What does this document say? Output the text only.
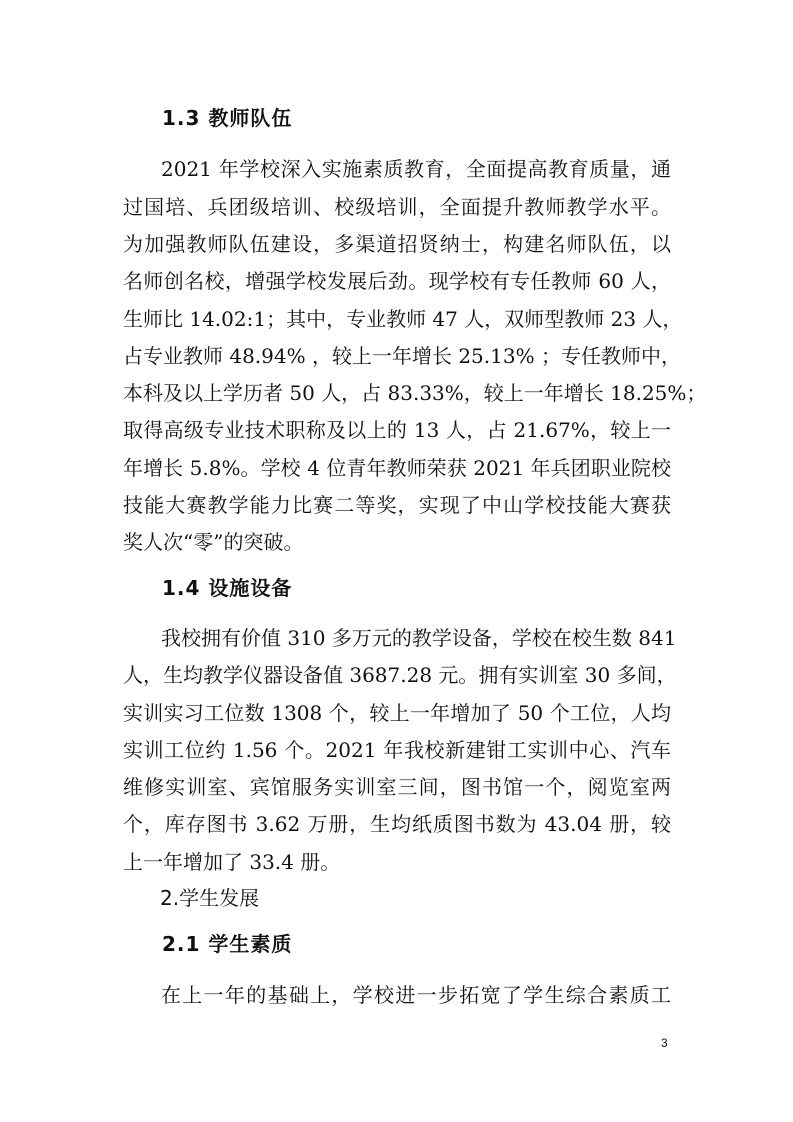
1.3 教师队伍
2021 年学校深入实施素质教育，全面提高教育质量，通
过国培、兵团级培训、校级培训，全面提升教师教学水平。
为加强教师队伍建设，多渠道招贤纳士，构建名师队伍，以
名师创名校，增强学校发展后劲。现学校有专任教师 60 人，
生师比 14.02:1；其中，专业教师 47 人，双师型教师 23 人，
占专业教师 48.94% ，较上一年增长 25.13% ；专任教师中，
本科及以上学历者 50 人，占 83.33%，较上一年增长 18.25%；
取得高级专业技术职称及以上的 13 人，占 21.67%，较上一
年增长 5.8%。学校 4 位青年教师荣获 2021 年兵团职业院校
技能大赛教学能力比赛二等奖，实现了中山学校技能大赛获
奖人次“零”的突破。
1.4 设施设备
我校拥有价值 310 多万元的教学设备，学校在校生数 841
人，生均教学仪器设备值 3687.28 元。拥有实训室 30 多间，
实训实习工位数 1308 个，较上一年增加了 50 个工位，人均
实训工位约 1.56 个。2021 年我校新建钳工实训中心、汽车
维修实训室、宾馆服务实训室三间，图书馆一个，阅览室两
个，库存图书 3.62 万册，生均纸质图书数为 43.04 册，较
上一年增加了 33.4 册。
2.学生发展
2.1 学生素质
在上一年的基础上，学校进一步拓宽了学生综合素质工
3
